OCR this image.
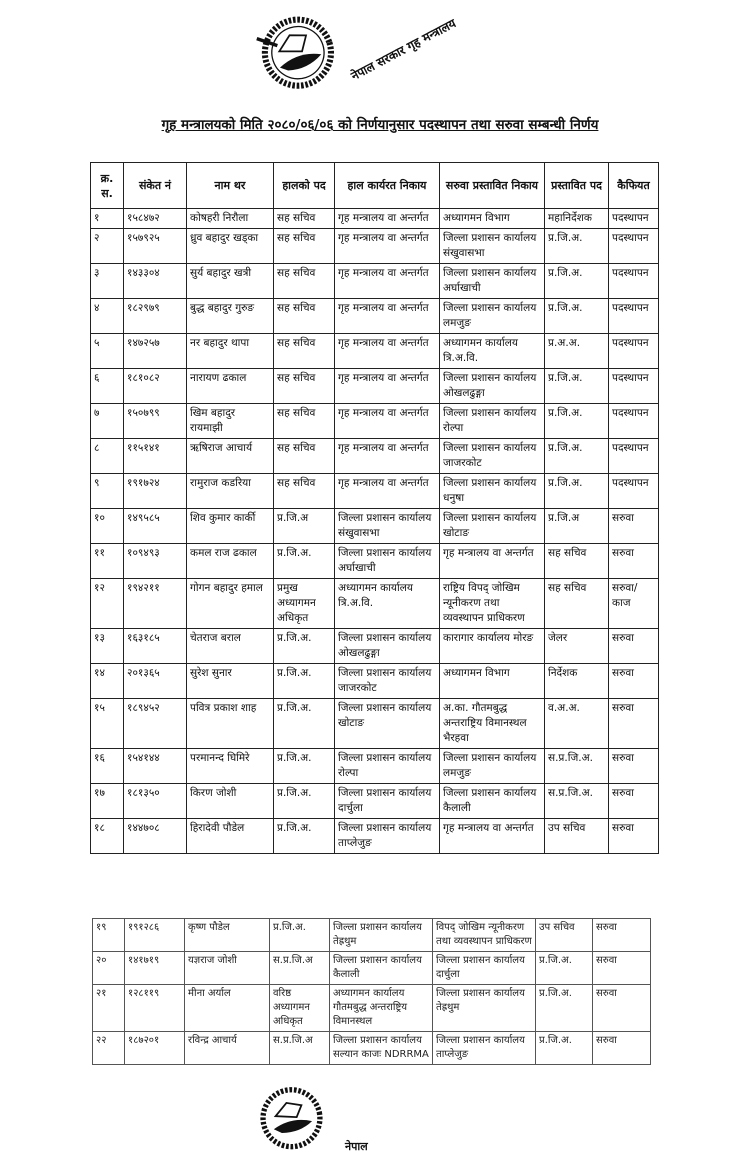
नेपाल सरकार गृह मन्त्रालय
गृह मन्त्रालयको मिति २०८०/०६/०६ को निर्णयानुसार पदस्थापन तथा सरुवा सम्बन्धी निर्णय
क्र. स.	संकेत नं	नाम थर	हालको पद	हाल कार्यरत निकाय	सरुवा प्रस्तावित निकाय	प्रस्तावित पद	कैफियत
१	१५८४७२	कोषहरी निरौला	सह सचिव	गृह मन्त्रालय वा अन्तर्गत	अध्यागमन विभाग	महानिर्देशक	पदस्थापन
२	१५७९२५	ध्रुव बहादुर खड्का	सह सचिव	गृह मन्त्रालय वा अन्तर्गत	जिल्ला प्रशासन कार्यालय संखुवासभा	प्र.जि.अ.	पदस्थापन
३	१४३३०४	सुर्य बहादुर खत्री	सह सचिव	गृह मन्त्रालय वा अन्तर्गत	जिल्ला प्रशासन कार्यालय अर्घाखाची	प्र.जि.अ.	पदस्थापन
४	१८२९७९	बुद्ध बहादुर गुरुङ	सह सचिव	गृह मन्त्रालय वा अन्तर्गत	जिल्ला प्रशासन कार्यालय लमजुङ	प्र.जि.अ.	पदस्थापन
५	१४७२५७	नर बहादुर थापा	सह सचिव	गृह मन्त्रालय वा अन्तर्गत	अध्यागमन कार्यालय त्रि.अ.वि.	प्र.अ.अ.	पदस्थापन
६	१८१०८२	नारायण ढकाल	सह सचिव	गृह मन्त्रालय वा अन्तर्गत	जिल्ला प्रशासन कार्यालय ओखलढुङ्गा	प्र.जि.अ.	पदस्थापन
७	१५०७९९	खिम बहादुर रायमाझी	सह सचिव	गृह मन्त्रालय वा अन्तर्गत	जिल्ला प्रशासन कार्यालय रोल्पा	प्र.जि.अ.	पदस्थापन
८	११५१४१	ऋषिराज आचार्य	सह सचिव	गृह मन्त्रालय वा अन्तर्गत	जिल्ला प्रशासन कार्यालय जाजरकोट	प्र.जि.अ.	पदस्थापन
९	१९१७२४	रामुराज कडरिया	सह सचिव	गृह मन्त्रालय वा अन्तर्गत	जिल्ला प्रशासन कार्यालय धनुषा	प्र.जि.अ.	पदस्थापन
१०	१४९५८५	शिव कुमार कार्की	प्र.जि.अ	जिल्ला प्रशासन कार्यालय संखुवासभा	जिल्ला प्रशासन कार्यालय खोटाङ	प्र.जि.अ	सरुवा
११	१०९४९३	कमल राज ढकाल	प्र.जि.अ.	जिल्ला प्रशासन कार्यालय अर्घाखाची	गृह मन्त्रालय वा अन्तर्गत	सह सचिव	सरुवा
१२	१९४२११	गोगन बहादुर हमाल	प्रमुख अध्यागमन अधिकृत	अध्यागमन कार्यालय त्रि.अ.वि.	राष्ट्रिय विपद् जोखिम न्यूनीकरण तथा व्यवस्थापन प्राधिकरण	सह सचिव	सरुवा/काज
१३	१६३१८५	चेतराज बराल	प्र.जि.अ.	जिल्ला प्रशासन कार्यालय ओखलढुङ्गा	कारागार कार्यालय मोरङ	जेलर	सरुवा
१४	२०१३६५	सुरेश सुनार	प्र.जि.अ.	जिल्ला प्रशासन कार्यालय जाजरकोट	अध्यागमन विभाग	निर्देशक	सरुवा
१५	१८९४५२	पवित्र प्रकाश शाह	प्र.जि.अ.	जिल्ला प्रशासन कार्यालय खोटाङ	अ.का. गौतमबुद्ध अन्तराष्ट्रिय विमानस्थल भैरहवा	व.अ.अ.	सरुवा
१६	१५४१४४	परमानन्द घिमिरे	प्र.जि.अ.	जिल्ला प्रशासन कार्यालय रोल्पा	जिल्ला प्रशासन कार्यालय लमजुङ	स.प्र.जि.अ.	सरुवा
१७	१८१३५०	किरण जोशी	प्र.जि.अ.	जिल्ला प्रशासन कार्यालय दार्चुला	जिल्ला प्रशासन कार्यालय कैलाली	स.प्र.जि.अ.	सरुवा
१८	१४४७०८	हिरादेवी पौडेल	प्र.जि.अ.	जिल्ला प्रशासन कार्यालय ताप्लेजुङ	गृह मन्त्रालय वा अन्तर्गत	उप सचिव	सरुवा
१९	१९१२८६	कृष्ण पौडेल	प्र.जि.अ.	जिल्ला प्रशासन कार्यालय तेह्रथुम	विपद् जोखिम न्यूनीकरण तथा व्यवस्थापन प्राधिकरण	उप सचिव	सरुवा
२०	१४१७१९	यज्ञराज जोशी	स.प्र.जि.अ	जिल्ला प्रशासन कार्यालय कैलाली	जिल्ला प्रशासन कार्यालय दार्चुला	प्र.जि.अ.	सरुवा
२१	१२८११९	मीना अर्याल	वरिष्ठ अध्यागमन अधिकृत	अध्यागमन कार्यालय गौतमबुद्ध अन्तराष्ट्रिय विमानस्थल	जिल्ला प्रशासन कार्यालय तेह्रथुम	प्र.जि.अ.	सरुवा
२२	१८७२०१	रविन्द्र आचार्य	स.प्र.जि.अ	जिल्ला प्रशासन कार्यालय सल्यान काजः NDRRMA	जिल्ला प्रशासन कार्यालय ताप्लेजुङ	प्र.जि.अ.	सरुवा
नेपाल
